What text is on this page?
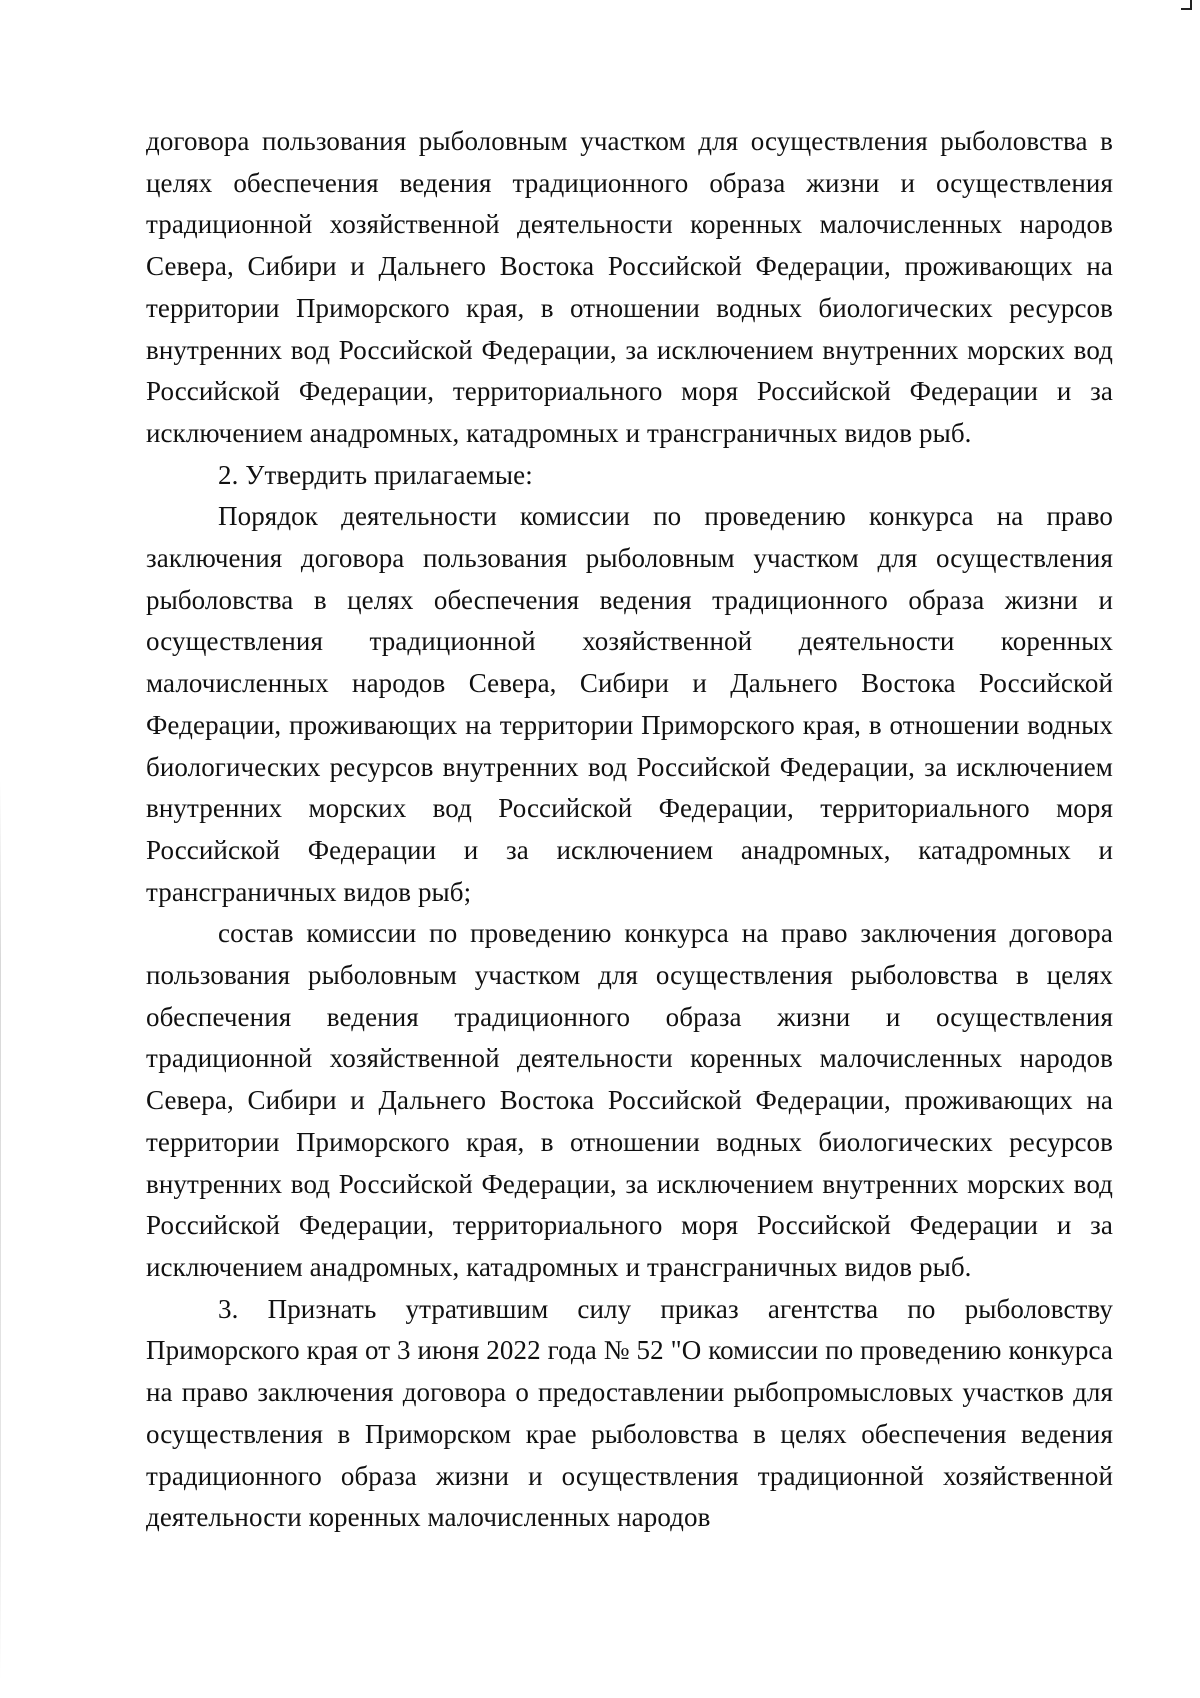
договора пользования рыболовным участком для осуществления рыболовства в целях обеспечения ведения традиционного образа жизни и осуществления традиционной хозяйственной деятельности коренных малочисленных народов Севера, Сибири и Дальнего Востока Российской Федерации, проживающих на территории Приморского края, в отношении водных биологических ресурсов внутренних вод Российской Федерации, за исключением внутренних морских вод Российской Федерации, территориального моря Российской Федерации и за исключением анадромных, катадромных и трансграничных видов рыб.

2. Утвердить прилагаемые:

Порядок деятельности комиссии по проведению конкурса на право заключения договора пользования рыболовным участком для осуществления рыболовства в целях обеспечения ведения традиционного образа жизни и осуществления традиционной хозяйственной деятельности коренных малочисленных народов Севера, Сибири и Дальнего Востока Российской Федерации, проживающих на территории Приморского края, в отношении водных биологических ресурсов внутренних вод Российской Федерации, за исключением внутренних морских вод Российской Федерации, территориального моря Российской Федерации и за исключением анадромных, катадромных и трансграничных видов рыб;

состав комиссии по проведению конкурса на право заключения договора пользования рыболовным участком для осуществления рыболовства в целях обеспечения ведения традиционного образа жизни и осуществления традиционной хозяйственной деятельности коренных малочисленных народов Севера, Сибири и Дальнего Востока Российской Федерации, проживающих на территории Приморского края, в отношении водных биологических ресурсов внутренних вод Российской Федерации, за исключением внутренних морских вод Российской Федерации, территориального моря Российской Федерации и за исключением анадромных, катадромных и трансграничных видов рыб.

3. Признать утратившим силу приказ агентства по рыболовству Приморского края от 3 июня 2022 года № 52 "О комиссии по проведению конкурса на право заключения договора о предоставлении рыбопромысловых участков для осуществления в Приморском крае рыболовства в целях обеспечения ведения традиционного образа жизни и осуществления традиционной хозяйственной деятельности коренных малочисленных народов
